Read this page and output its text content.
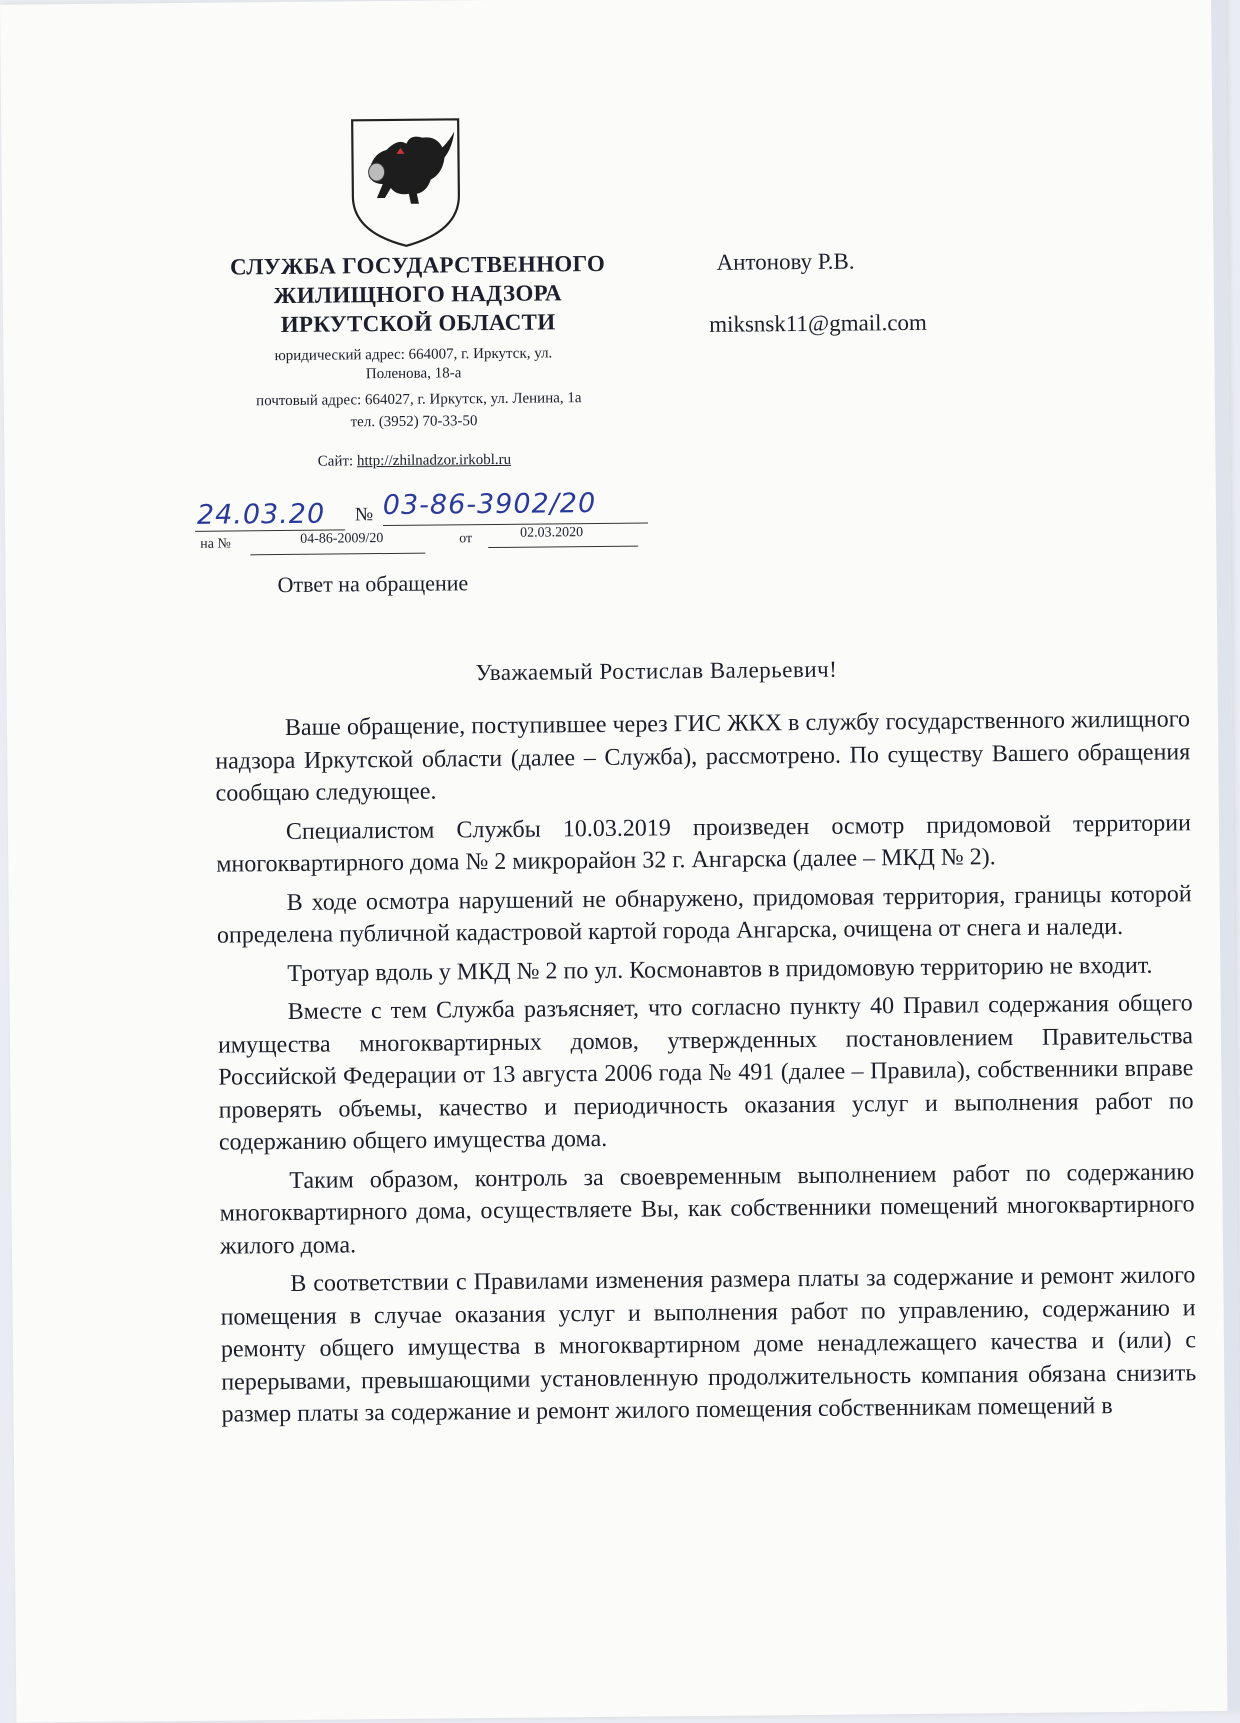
СЛУЖБА ГОСУДАРСТВЕННОГО
ЖИЛИЩНОГО НАДЗОРА
ИРКУТСКОЙ ОБЛАСТИ
юридический адрес: 664007, г. Иркутск, ул.
Поленова, 18-а
почтовый адрес: 664027, г. Иркутск, ул. Ленина, 1а
тел. (3952) 70-33-50
Сайт: http://zhilnadzor.irkobl.ru
24.03.20 № 03-86-3902/20
на №	04-86-2009/20	от	02.03.2020
Ответ на обращение
Антонову Р.В.
miksnsk11@gmail.com
Уважаемый Ростислав Валерьевич!

Ваше обращение, поступившее через ГИС ЖКХ в службу государственного жилищного надзора Иркутской области (далее – Служба), рассмотрено. По существу Вашего обращения сообщаю следующее.

Специалистом Службы 10.03.2019 произведен осмотр придомовой территории многоквартирного дома № 2 микрорайон 32 г. Ангарска (далее – МКД № 2).

В ходе осмотра нарушений не обнаружено, придомовая территория, границы которой определена публичной кадастровой картой города Ангарска, очищена от снега и наледи.

Тротуар вдоль у МКД № 2 по ул. Космонавтов в придомовую территорию не входит.

Вместе с тем Служба разъясняет, что согласно пункту 40 Правил содержания общего имущества многоквартирных домов, утвержденных постановлением Правительства Российской Федерации от 13 августа 2006 года № 491 (далее – Правила), собственники вправе проверять объемы, качество и периодичность оказания услуг и выполнения работ по содержанию общего имущества дома.

Таким образом, контроль за своевременным выполнением работ по содержанию многоквартирного дома, осуществляете Вы, как собственники помещений многоквартирного жилого дома.

В соответствии с Правилами изменения размера платы за содержание и ремонт жилого помещения в случае оказания услуг и выполнения работ по управлению, содержанию и ремонту общего имущества в многоквартирном доме ненадлежащего качества и (или) с перерывами, превышающими установленную продолжительность компания обязана снизить размер платы за содержание и ремонт жилого помещения собственникам помещений в
